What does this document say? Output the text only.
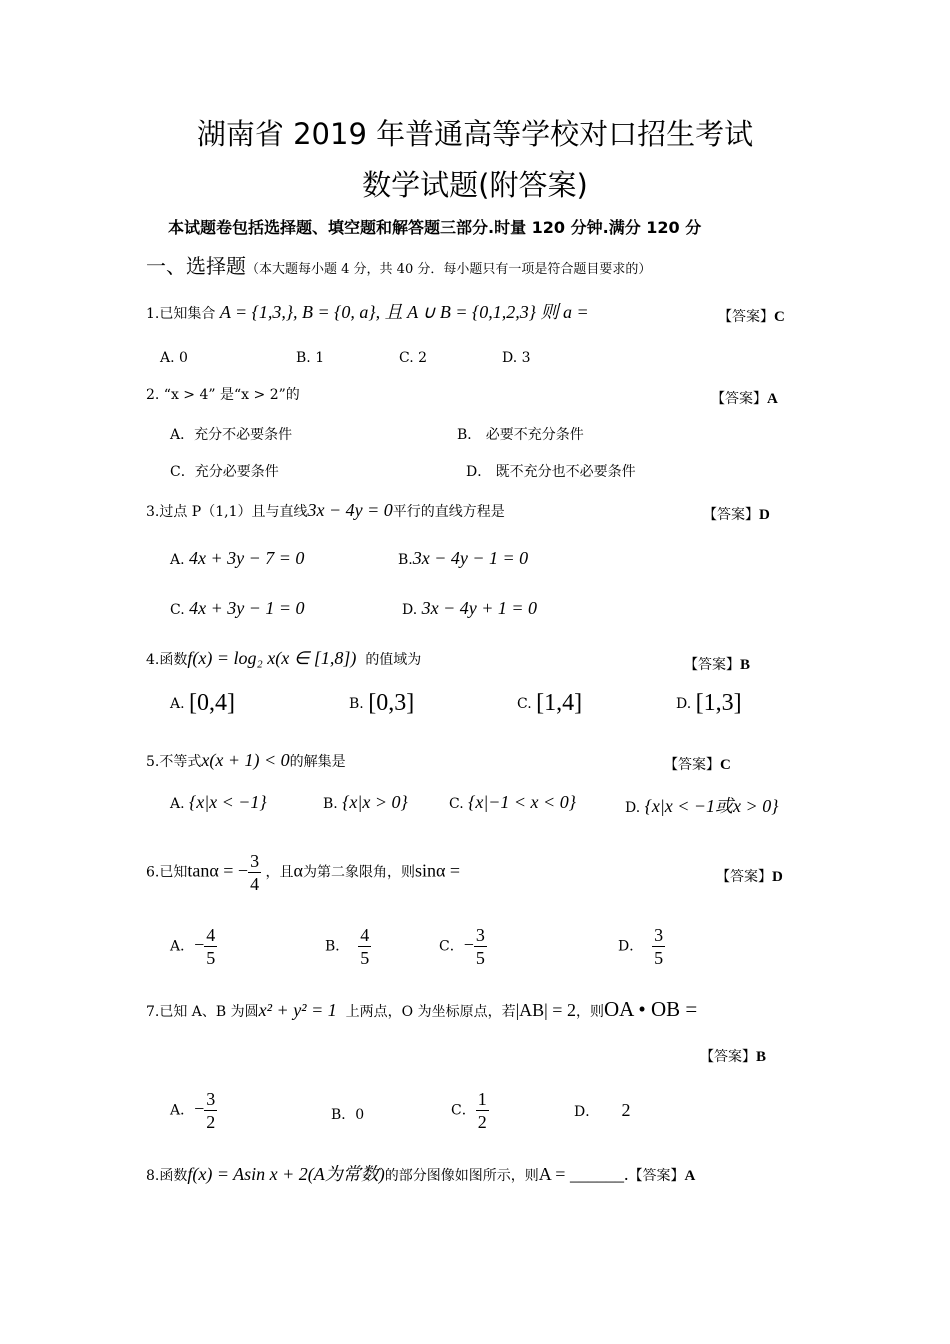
湖南省 2019 年普通高等学校对口招生考试
数学试题(附答案)
本试题卷包括选择题、填空题和解答题三部分.时量 120 分钟.满分 120 分
一、选择题（本大题每小题 4 分，共 40 分．每小题只有一项是符合题目要求的）
1.已知集合 A = {1,3,}, B = {0, a}, 且 A ∪ B = {0,1,2,3} 则 a =	【答案】C
A. 0	B. 1	C. 2	D. 3
2. “x > 4” 是“x > 2”的	【答案】A
A．充分不必要条件	B． 必要不充分条件
C．充分必要条件	D． 既不充分也不必要条件
3.过点 P（1,1）且与直线3x − 4y = 0平行的直线方程是	【答案】D
A. 4x + 3y − 7 = 0	B.3x − 4y − 1 = 0
C. 4x + 3y − 1 = 0	D. 3x − 4y + 1 = 0
4.函数f(x) = log₂ x(x ∈ [1,8]) 的值域为	【答案】B
A. [0,4]	B. [0,3]	C. [1,4]	D. [1,3]
5.不等式x(x + 1) < 0的解集是	【答案】C
A. {x|x < −1}	B. {x|x > 0}	C. {x|−1 < x < 0}	D. {x|x < −1或x > 0}
6.已知tanα = − $\frac{3}{4}$ ，且α为第二象限角，则sinα =	【答案】D
A．− $\frac{4}{5}$	B． $\frac{4}{5}$	C．− $\frac{3}{5}$	D． $\frac{3}{5}$
7.已知 A、B 为圆x² + y² = 1 上两点，O 为坐标原点，若|AB| = 2，则OA • OB =
【答案】B
A．− $\frac{3}{2}$	B．0	C． $\frac{1}{2}$	D． 2
8.函数f(x) = Asin x + 2(A为常数)的部分图像如图所示，则A = ______.【答案】A
